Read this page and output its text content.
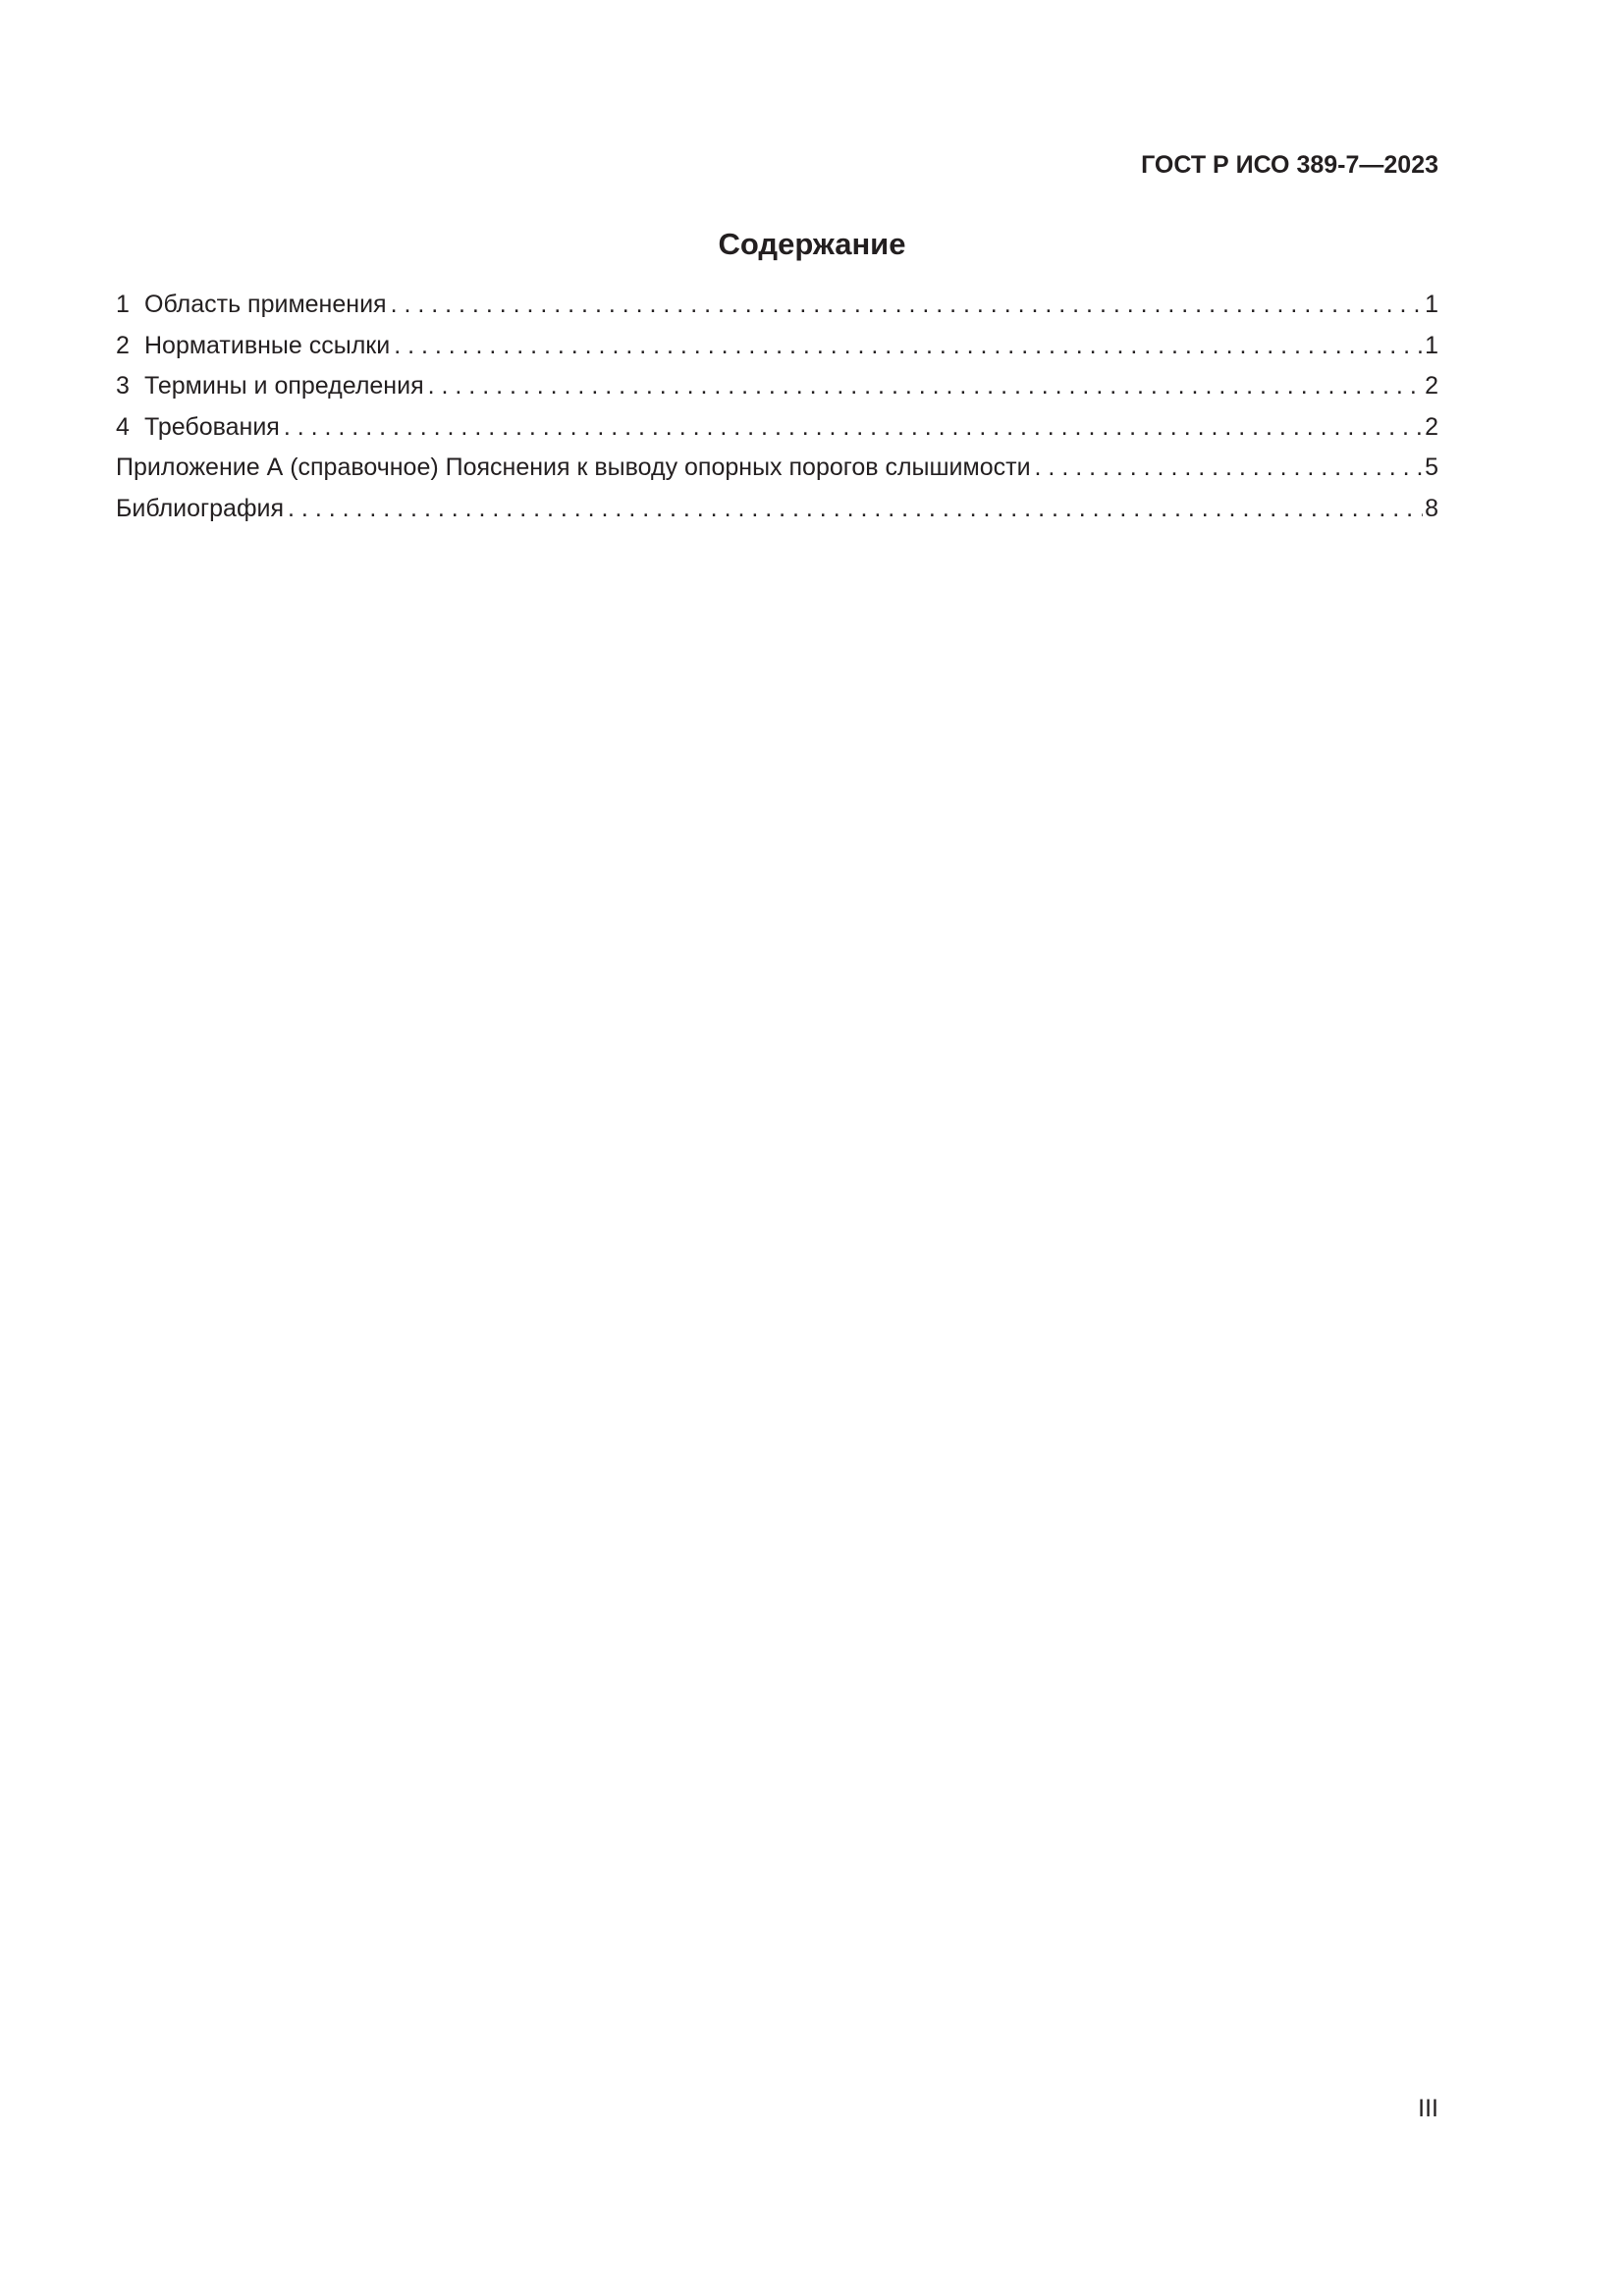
ГОСТ Р ИСО 389-7—2023
Содержание
1 Область применения . . .	1
2 Нормативные ссылки . . .	1
3 Термины и определения . . .	2
4 Требования . . .	2
Приложение А (справочное) Пояснения к выводу опорных порогов слышимости . . .	5
Библиография . . .	8
III
